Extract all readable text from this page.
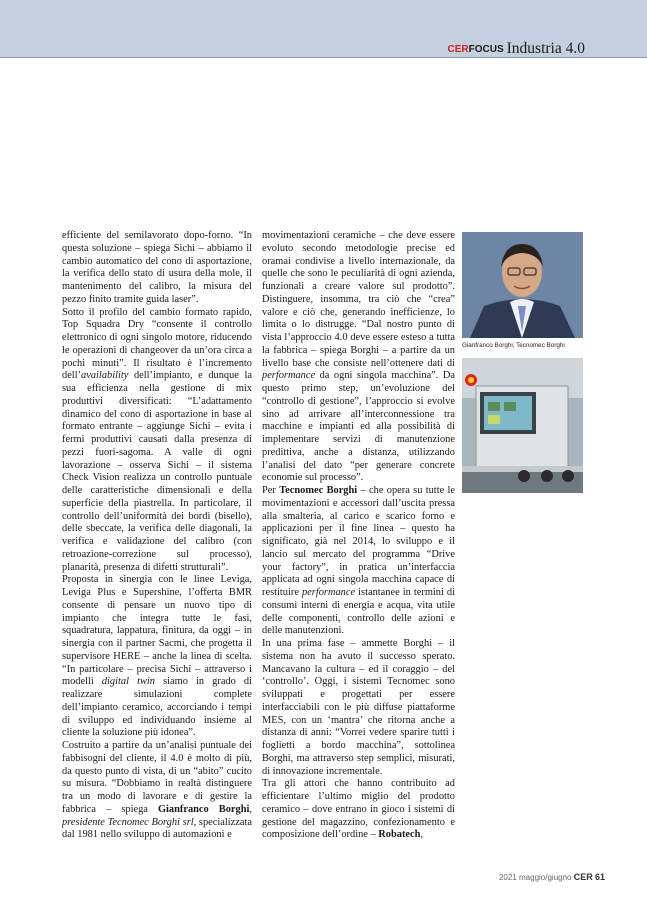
CERFOCUS Industria 4.0

efficiente del semilavorato dopo-forno. “In questa soluzione – spiega Sichi – abbiamo il cambio automatico del cono di asportazione, la verifica dello stato di usura della mole, il mantenimento del calibro, la misura del pezzo finito tramite guida laser”.

Sotto il profilo del cambio formato rapido, Top Squadra Dry “consente il controllo elettronico di ogni singolo motore, riducendo le operazioni di changeover da un’ora circa a pochi minuti”. Il risultato è l’incremento dell’availability dell’impianto, e dunque la sua efficienza nella gestione di mix produttivi diversificati: “L’adattamento dinamico del cono di asportazione in base al formato entrante – aggiunge Sichi – evita i fermi produttivi causati dalla presenza di pezzi fuori-sagoma. A valle di ogni lavorazione – osserva Sichi – il sistema Check Vision realizza un controllo puntuale delle caratteristiche dimensionali e della superficie della piastrella. In particolare, il controllo dell’uniformità dei bordi (bisello), delle sbeccate, la verifica delle diagonali, la verifica e validazione del calibro (con retroazione-correzione sul processo), planarità, presenza di difetti strutturali”.

Proposta in sinergia con le linee Leviga, Leviga Plus e Supershine, l’offerta BMR consente di pensare un nuovo tipo di impianto che integra tutte le fasi, squadratura, lappatura, finitura, da oggi – in sinergia con il partner Sacmi, che progetta il supervisore HERE – anche la linea di scelta. “In particolare – precisa Sichi – attraverso i modelli digital twin siamo in grado di realizzare simulazioni complete dell’impianto ceramico, accorciando i tempi di sviluppo ed individuando insieme al cliente la soluzione più idonea”.

Costruito a partire da un’analisi puntuale dei fabbisogni del cliente, il 4.0 è molto di più, da questo punto di vista, di un “abito” cucito su misura. “Dobbiamo in realtà distinguere tra un modo di lavorare e di gestire la fabbrica – spiega Gianfranco Borghi, presidente Tecnomec Borghi srl, specializzata dal 1981 nello sviluppo di automazioni e

movimentazioni ceramiche – che deve essere evoluto secondo metodologie precise ed oramai condivise a livello internazionale, da quelle che sono le peculiarità di ogni azienda, funzionali a creare valore sul prodotto”. Distinguere, insomma, tra ciò che “crea” valore e ciò che, generando inefficienze, lo limita o lo distrugge. “Dal nostro punto di vista l’approccio 4.0 deve essere esteso a tutta la fabbrica – spiega Borghi – a partire da un livello base che consiste nell’ottenere dati di performance da ogni singola macchina”. Da questo primo step, un’evoluzione del “controllo di gestione”, l’approccio si evolve sino ad arrivare all’interconnessione tra macchine e impianti ed alla possibilità di implementare servizi di manutenzione predittiva, anche a distanza, utilizzando l’analisi del dato “per generare concrete economie sul processo”.

Per Tecnomec Borghi – che opera su tutte le movimentazioni e accessori dall’uscita pressa alla smalteria, al carico e scarico forno e applicazioni per il fine linea – questo ha significato, già nel 2014, lo sviluppo e il lancio sul mercato del programma “Drive your factory”, in pratica un’interfaccia applicata ad ogni singola macchina capace di restituire performance istantanee in termini di consumi interni di energia e acqua, vita utile delle componenti, controllo delle azioni e delle manutenzioni.

In una prima fase – ammette Borghi – il sistema non ha avuto il successo sperato. Mancavano la cultura – ed il coraggio – del ‘controllo’. Oggi, i sistemi Tecnomec sono sviluppati e progettati per essere interfacciabili con le più diffuse piattaforme MES, con un ‘mantra’ che ritorna anche a distanza di anni: “Vorrei vedere sparire tutti i foglietti a bordo macchina”, sottolinea Borghi, ma attraverso step semplici, misurati, di innovazione incrementale.

Tra gli attori che hanno contribuito ad efficientare l’ultimo miglio del prodotto ceramico – dove entrano in gioco i sistemi di gestione del magazzino, confezionamento e composizione dell’ordine – Robatech,

Gianfranco Borghi, Tecnomec Borghi
2021 maggio/giugno CER 61
